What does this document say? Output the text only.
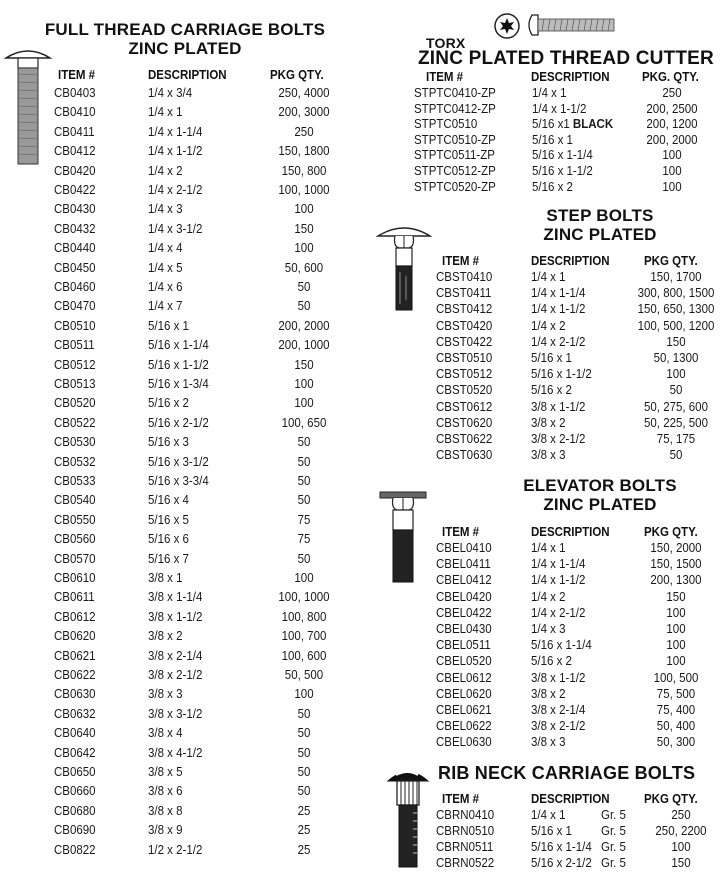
FULL THREAD CARRIAGE BOLTS
ZINC PLATED
ITEM #	DESCRIPTION	PKG QTY.
CB0403	1/4 x 3/4	250, 4000
CB0410	1/4 x 1	200, 3000
CB0411	1/4 x 1-1/4	250
CB0412	1/4 x 1-1/2	150, 1800
CB0420	1/4 x 2	150, 800
CB0422	1/4 x 2-1/2	100, 1000
CB0430	1/4 x 3	100
CB0432	1/4 x 3-1/2	150
CB0440	1/4 x 4	100
CB0450	1/4 x 5	50, 600
CB0460	1/4 x 6	50
CB0470	1/4 x 7	50
CB0510	5/16 x 1	200, 2000
CB0511	5/16 x 1-1/4	200, 1000
CB0512	5/16 x 1-1/2	150
CB0513	5/16 x 1-3/4	100
CB0520	5/16 x 2	100
CB0522	5/16 x 2-1/2	100, 650
CB0530	5/16 x 3	50
CB0532	5/16 x 3-1/2	50
CB0533	5/16 x 3-3/4	50
CB0540	5/16 x 4	50
CB0550	5/16 x 5	75
CB0560	5/16 x 6	75
CB0570	5/16 x 7	50
CB0610	3/8 x 1	100
CB0611	3/8 x 1-1/4	100, 1000
CB0612	3/8 x 1-1/2	100, 800
CB0620	3/8 x 2	100, 700
CB0621	3/8 x 2-1/4	100, 600
CB0622	3/8 x 2-1/2	50, 500
CB0630	3/8 x 3	100
CB0632	3/8 x 3-1/2	50
CB0640	3/8 x 4	50
CB0642	3/8 x 4-1/2	50
CB0650	3/8 x 5	50
CB0660	3/8 x 6	50
CB0680	3/8 x 8	25
CB0690	3/8 x 9	25
CB0822	1/2 x 2-1/2	25
TORX
ZINC PLATED THREAD CUTTER
ITEM #	DESCRIPTION	PKG. QTY.
STPTC0410-ZP	1/4 x 1	250
STPTC0412-ZP	1/4 x 1-1/2	200, 2500
STPTC0510	5/16 x1 BLACK	200, 1200
STPTC0510-ZP	5/16 x 1	200, 2000
STPTC0511-ZP	5/16 x 1-1/4	100
STPTC0512-ZP	5/16 x 1-1/2	100
STPTC0520-ZP	5/16 x 2	100
STEP BOLTS
ZINC PLATED
ITEM #	DESCRIPTION	PKG QTY.
CBST0410	1/4 x 1	150, 1700
CBST0411	1/4 x 1-1/4	300, 800, 1500
CBST0412	1/4 x 1-1/2	150, 650, 1300
CBST0420	1/4 x 2	100, 500, 1200
CBST0422	1/4 x 2-1/2	150
CBST0510	5/16 x 1	50, 1300
CBST0512	5/16 x 1-1/2	100
CBST0520	5/16 x 2	50
CBST0612	3/8 x 1-1/2	50, 275, 600
CBST0620	3/8 x 2	50, 225, 500
CBST0622	3/8 x 2-1/2	75, 175
CBST0630	3/8 x 3	50
ELEVATOR BOLTS
ZINC PLATED
ITEM #	DESCRIPTION	PKG QTY.
CBEL0410	1/4 x 1	150, 2000
CBEL0411	1/4 x 1-1/4	150, 1500
CBEL0412	1/4 x 1-1/2	200, 1300
CBEL0420	1/4 x 2	150
CBEL0422	1/4 x 2-1/2	100
CBEL0430	1/4 x 3	100
CBEL0511	5/16 x 1-1/4	100
CBEL0520	5/16 x 2	100
CBEL0612	3/8 x 1-1/2	100, 500
CBEL0620	3/8 x 2	75, 500
CBEL0621	3/8 x 2-1/4	75, 400
CBEL0622	3/8 x 2-1/2	50, 400
CBEL0630	3/8 x 3	50, 300
RIB NECK CARRIAGE BOLTS
ITEM #	DESCRIPTION	PKG QTY.
CBRN0410	1/4 x 1	Gr. 5	250
CBRN0510	5/16 x 1 Gr. 5	250, 2200
CBRN0511	5/16 x 1-1/4 Gr. 5	100
CBRN0522	5/16 x 2-1/2 Gr. 5	150
